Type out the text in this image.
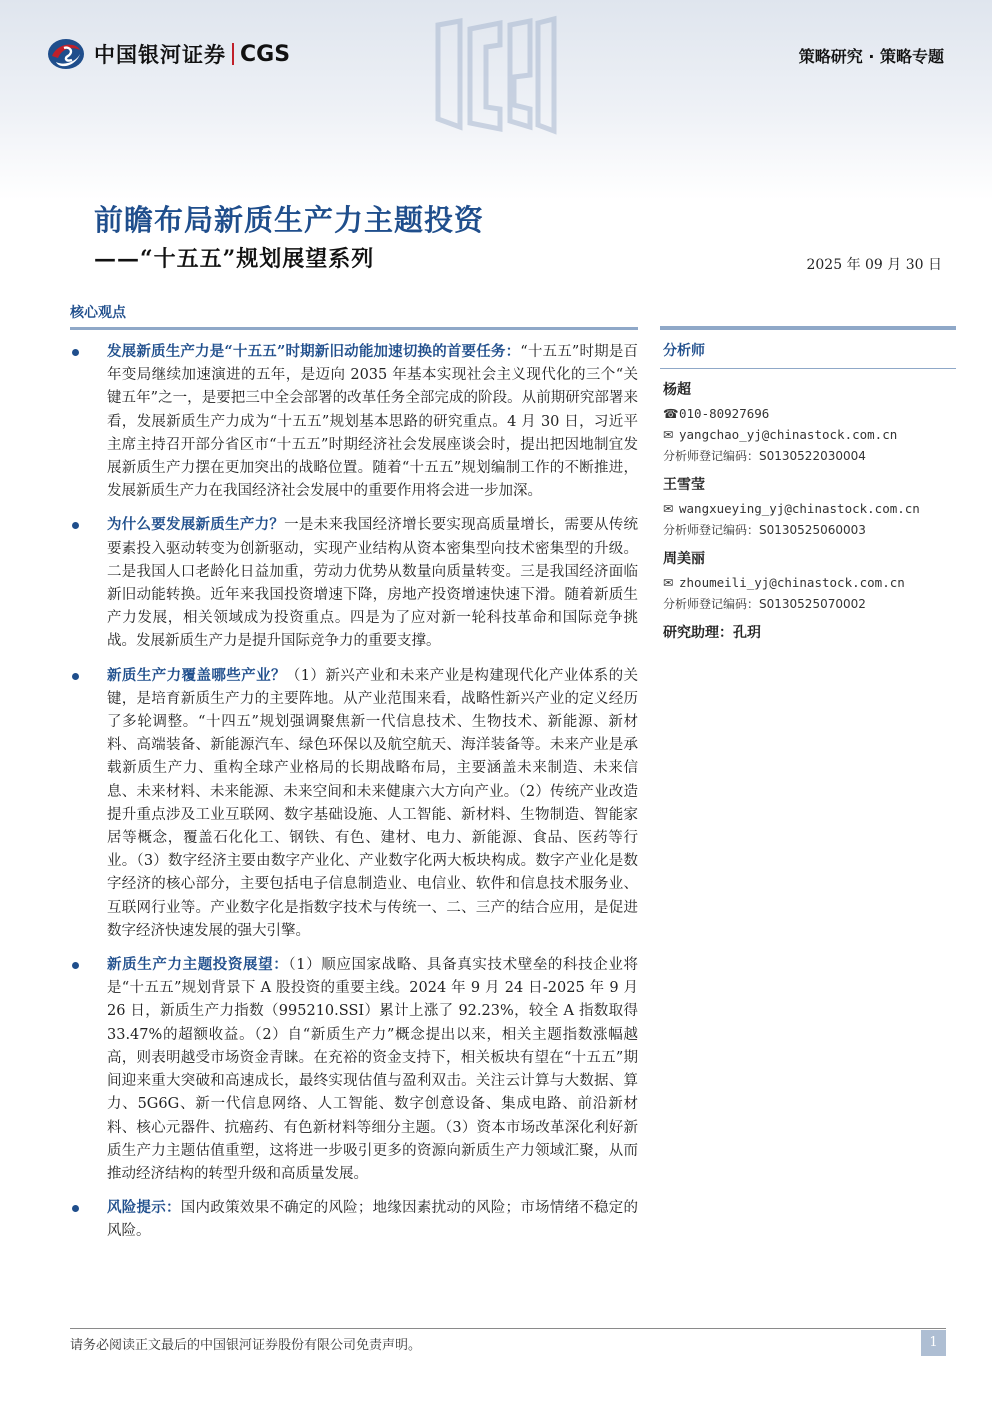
中国银河证券 CGS	策略研究 · 策略专题
前瞻布局新质生产力主题投资
——“十五五”规划展望系列	2025 年 09 月 30 日
核心观点
发展新质生产力是“十五五”时期新旧动能加速切换的首要任务：“十五五”时期是百年变局继续加速演进的五年，是迈向 2035 年基本实现社会主义现代化的三个“关键五年”之一，是要把三中全会部署的改革任务全部完成的阶段。从前期研究部署来看，发展新质生产力成为“十五五”规划基本思路的研究重点。4 月 30 日，习近平主席主持召开部分省区市“十五五”时期经济社会发展座谈会时，提出把因地制宜发展新质生产力摆在更加突出的战略位置。随着“十五五”规划编制工作的不断推进，发展新质生产力在我国经济社会发展中的重要作用将会进一步加深。
为什么要发展新质生产力？一是未来我国经济增长要实现高质量增长，需要从传统要素投入驱动转变为创新驱动，实现产业结构从资本密集型向技术密集型的升级。二是我国人口老龄化日益加重，劳动力优势从数量向质量转变。三是我国经济面临新旧动能转换。近年来我国投资增速下降，房地产投资增速快速下滑。随着新质生产力发展，相关领域成为投资重点。四是为了应对新一轮科技革命和国际竞争挑战。发展新质生产力是提升国际竞争力的重要支撑。
新质生产力覆盖哪些产业？（1）新兴产业和未来产业是构建现代化产业体系的关键，是培育新质生产力的主要阵地。从产业范围来看，战略性新兴产业的定义经历了多轮调整。“十四五”规划强调聚焦新一代信息技术、生物技术、新能源、新材料、高端装备、新能源汽车、绿色环保以及航空航天、海洋装备等。未来产业是承载新质生产力、重构全球产业格局的长期战略布局，主要涵盖未来制造、未来信息、未来材料、未来能源、未来空间和未来健康六大方向产业。（2）传统产业改造提升重点涉及工业互联网、数字基础设施、人工智能、新材料、生物制造、智能家居等概念，覆盖石化化工、钢铁、有色、建材、电力、新能源、食品、医药等行业。（3）数字经济主要由数字产业化、产业数字化两大板块构成。数字产业化是数字经济的核心部分，主要包括电子信息制造业、电信业、软件和信息技术服务业、互联网行业等。产业数字化是指数字技术与传统一、二、三产的结合应用，是促进数字经济快速发展的强大引擎。
新质生产力主题投资展望：（1）顺应国家战略、具备真实技术壁垒的科技企业将是“十五五”规划背景下 A 股投资的重要主线。2024 年 9 月 24 日-2025 年 9 月 26 日，新质生产力指数（995210.SSI）累计上涨了 92.23%，较全 A 指数取得 33.47%的超额收益。（2）自“新质生产力”概念提出以来，相关主题指数涨幅越高，则表明越受市场资金青睐。在充裕的资金支持下，相关板块有望在“十五五”期间迎来重大突破和高速成长，最终实现估值与盈利双击。关注云计算与大数据、算力、5G6G、新一代信息网络、人工智能、数字创意设备、集成电路、前沿新材料、核心元器件、抗癌药、有色新材料等细分主题。（3）资本市场改革深化利好新质生产力主题估值重塑，这将进一步吸引更多的资源向新质生产力领域汇聚，从而推动经济结构的转型升级和高质量发展。
风险提示：国内政策效果不确定的风险；地缘因素扰动的风险；市场情绪不稳定的风险。
分析师
杨超
☎010-80927696
✉ yangchao_yj@chinastock.com.cn
分析师登记编码：S0130522030004
王雪莹
✉ wangxueying_yj@chinastock.com.cn
分析师登记编码：S0130525060003
周美丽
✉ zhoumeili_yj@chinastock.com.cn
分析师登记编码：S0130525070002
研究助理：孔玥
请务必阅读正文最后的中国银河证券股份有限公司免责声明。	1
